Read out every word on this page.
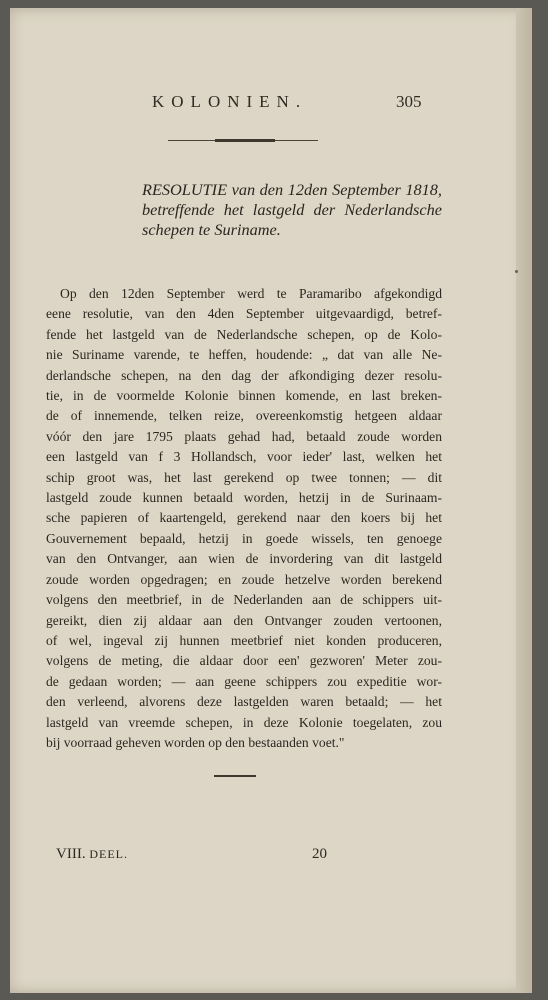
KOLONIEN.	305
RESOLUTIE van den 12den September 1818, betreffende het lastgeld der Nederlandsche schepen te Suriname.
Op den 12den September werd te Paramaribo afgekondigd
eene resolutie, van den 4den September uitgevaardigd, betref-
fende het lastgeld van de Nederlandsche schepen, op de Kolo-
nie Suriname varende, te heffen, houdende: „ dat van alle Ne-
derlandsche schepen, na den dag der afkondiging dezer resolu-
tie, in de voormelde Kolonie binnen komende, en last breken-
de of innemende, telken reize, overeenkomstig hetgeen aldaar
vóór den jare 1795 plaats gehad had, betaald zoude worden
een lastgeld van f 3 Hollandsch, voor ieder' last, welken het
schip groot was, het last gerekend op twee tonnen; — dit
lastgeld zoude kunnen betaald worden, hetzij in de Surinaam-
sche papieren of kaartengeld, gerekend naar den koers bij het
Gouvernement bepaald, hetzij in goede wissels, ten genoege
van den Ontvanger, aan wien de invordering van dit lastgeld
zoude worden opgedragen; en zoude hetzelve worden berekend
volgens den meetbrief, in de Nederlanden aan de schippers uit-
gereikt, dien zij aldaar aan den Ontvanger zouden vertoonen,
of wel, ingeval zij hunnen meetbrief niet konden produceren,
volgens de meting, die aldaar door een' gezworen' Meter zou-
de gedaan worden; — aan geene schippers zou expeditie wor-
den verleend, alvorens deze lastgelden waren betaald; — het
lastgeld van vreemde schepen, in deze Kolonie toegelaten, zou
bij voorraad geheven worden op den bestaanden voet."
VIII. DEEL.	20
